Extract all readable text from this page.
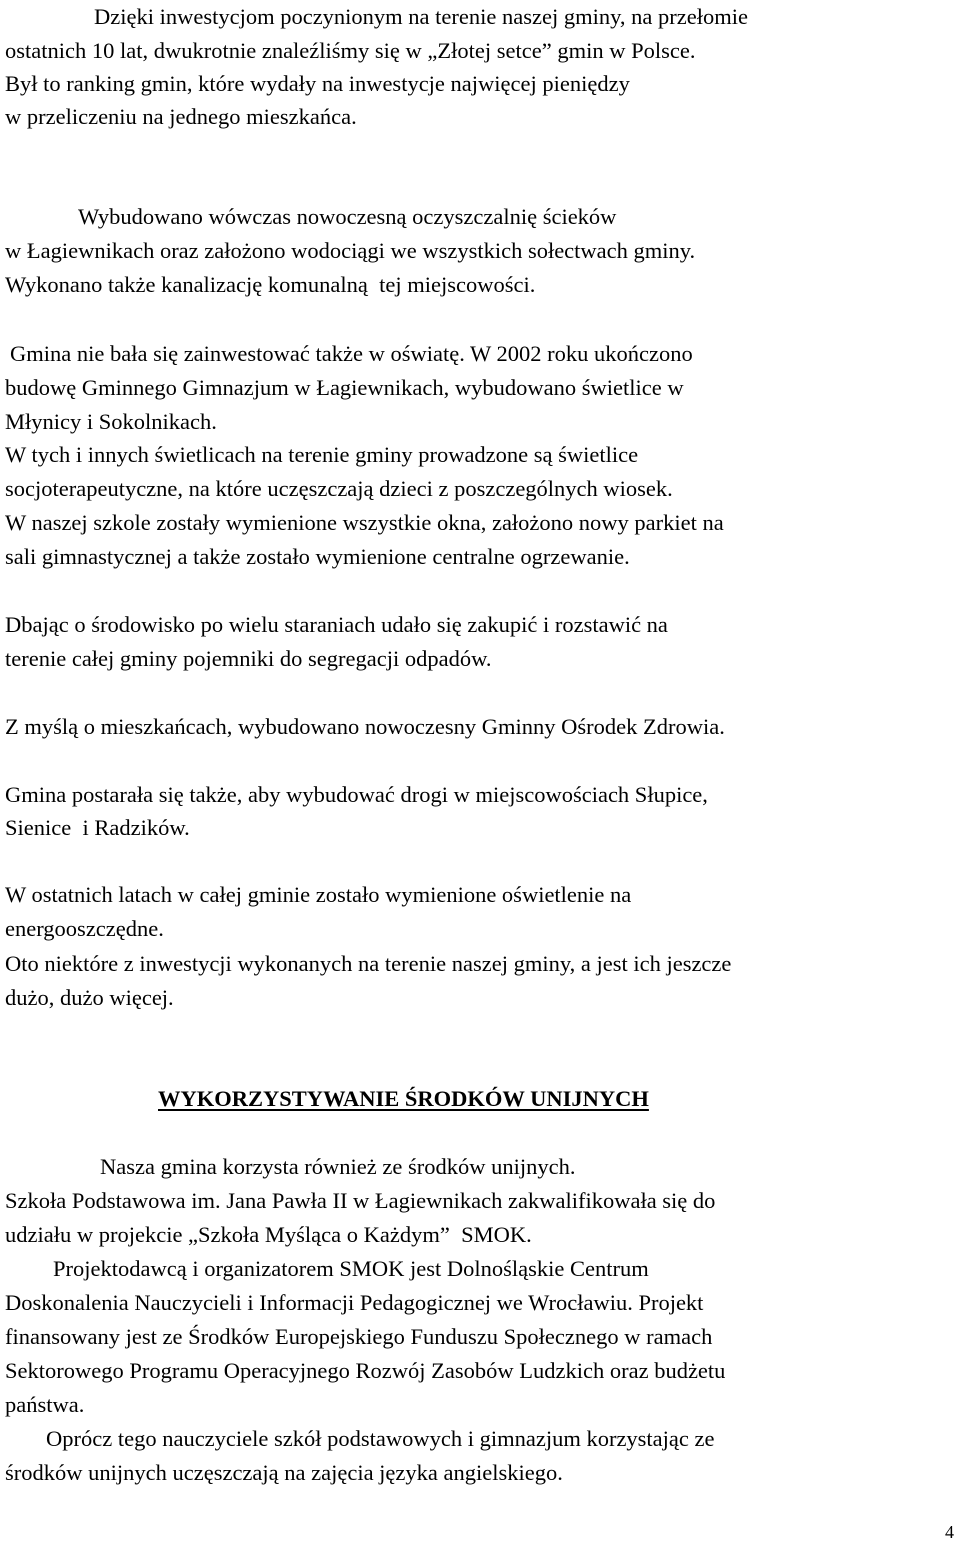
Dzięki inwestycjom poczynionym na terenie naszej gminy, na przełomie

ostatnich 10 lat, dwukrotnie znaleźliśmy się w „Złotej setce” gmin w Polsce.

Był to ranking gmin, które wydały na inwestycje najwięcej pieniędzy

w przeliczeniu na jednego mieszkańca.

Wybudowano wówczas nowoczesną oczyszczalnię ścieków

w Łagiewnikach oraz założono wodociągi we wszystkich sołectwach gminy.

Wykonano także kanalizację komunalną  tej miejscowości.

Gmina nie bała się zainwestować także w oświatę. W 2002 roku ukończono

budowę Gminnego Gimnazjum w Łagiewnikach, wybudowano świetlice w

Młynicy i Sokolnikach.

W tych i innych świetlicach na terenie gminy prowadzone są świetlice

socjoterapeutyczne, na które uczęszczają dzieci z poszczególnych wiosek.

W naszej szkole zostały wymienione wszystkie okna, założono nowy parkiet na

sali gimnastycznej a także zostało wymienione centralne ogrzewanie.

Dbając o środowisko po wielu staraniach udało się zakupić i rozstawić na

terenie całej gminy pojemniki do segregacji odpadów.

Z myślą o mieszkańcach, wybudowano nowoczesny Gminny Ośrodek Zdrowia.

Gmina postarała się także, aby wybudować drogi w miejscowościach Słupice,

Sienice  i Radzików.

W ostatnich latach w całej gminie zostało wymienione oświetlenie na

energooszczędne.

Oto niektóre z inwestycji wykonanych na terenie naszej gminy, a jest ich jeszcze

dużo, dużo więcej.

WYKORZYSTYWANIE ŚRODKÓW UNIJNYCH

Nasza gmina korzysta również ze środków unijnych.

Szkoła Podstawowa im. Jana Pawła II w Łagiewnikach zakwalifikowała się do

udziału w projekcie „Szkoła Myśląca o Każdym”  SMOK.

Projektodawcą i organizatorem SMOK jest Dolnośląskie Centrum

Doskonalenia Nauczycieli i Informacji Pedagogicznej we Wrocławiu. Projekt

finansowany jest ze Środków Europejskiego Funduszu Społecznego w ramach

Sektorowego Programu Operacyjnego Rozwój Zasobów Ludzkich oraz budżetu

państwa.

Oprócz tego nauczyciele szkół podstawowych i gimnazjum korzystając ze

środków unijnych uczęszczają na zajęcia języka angielskiego.

4
